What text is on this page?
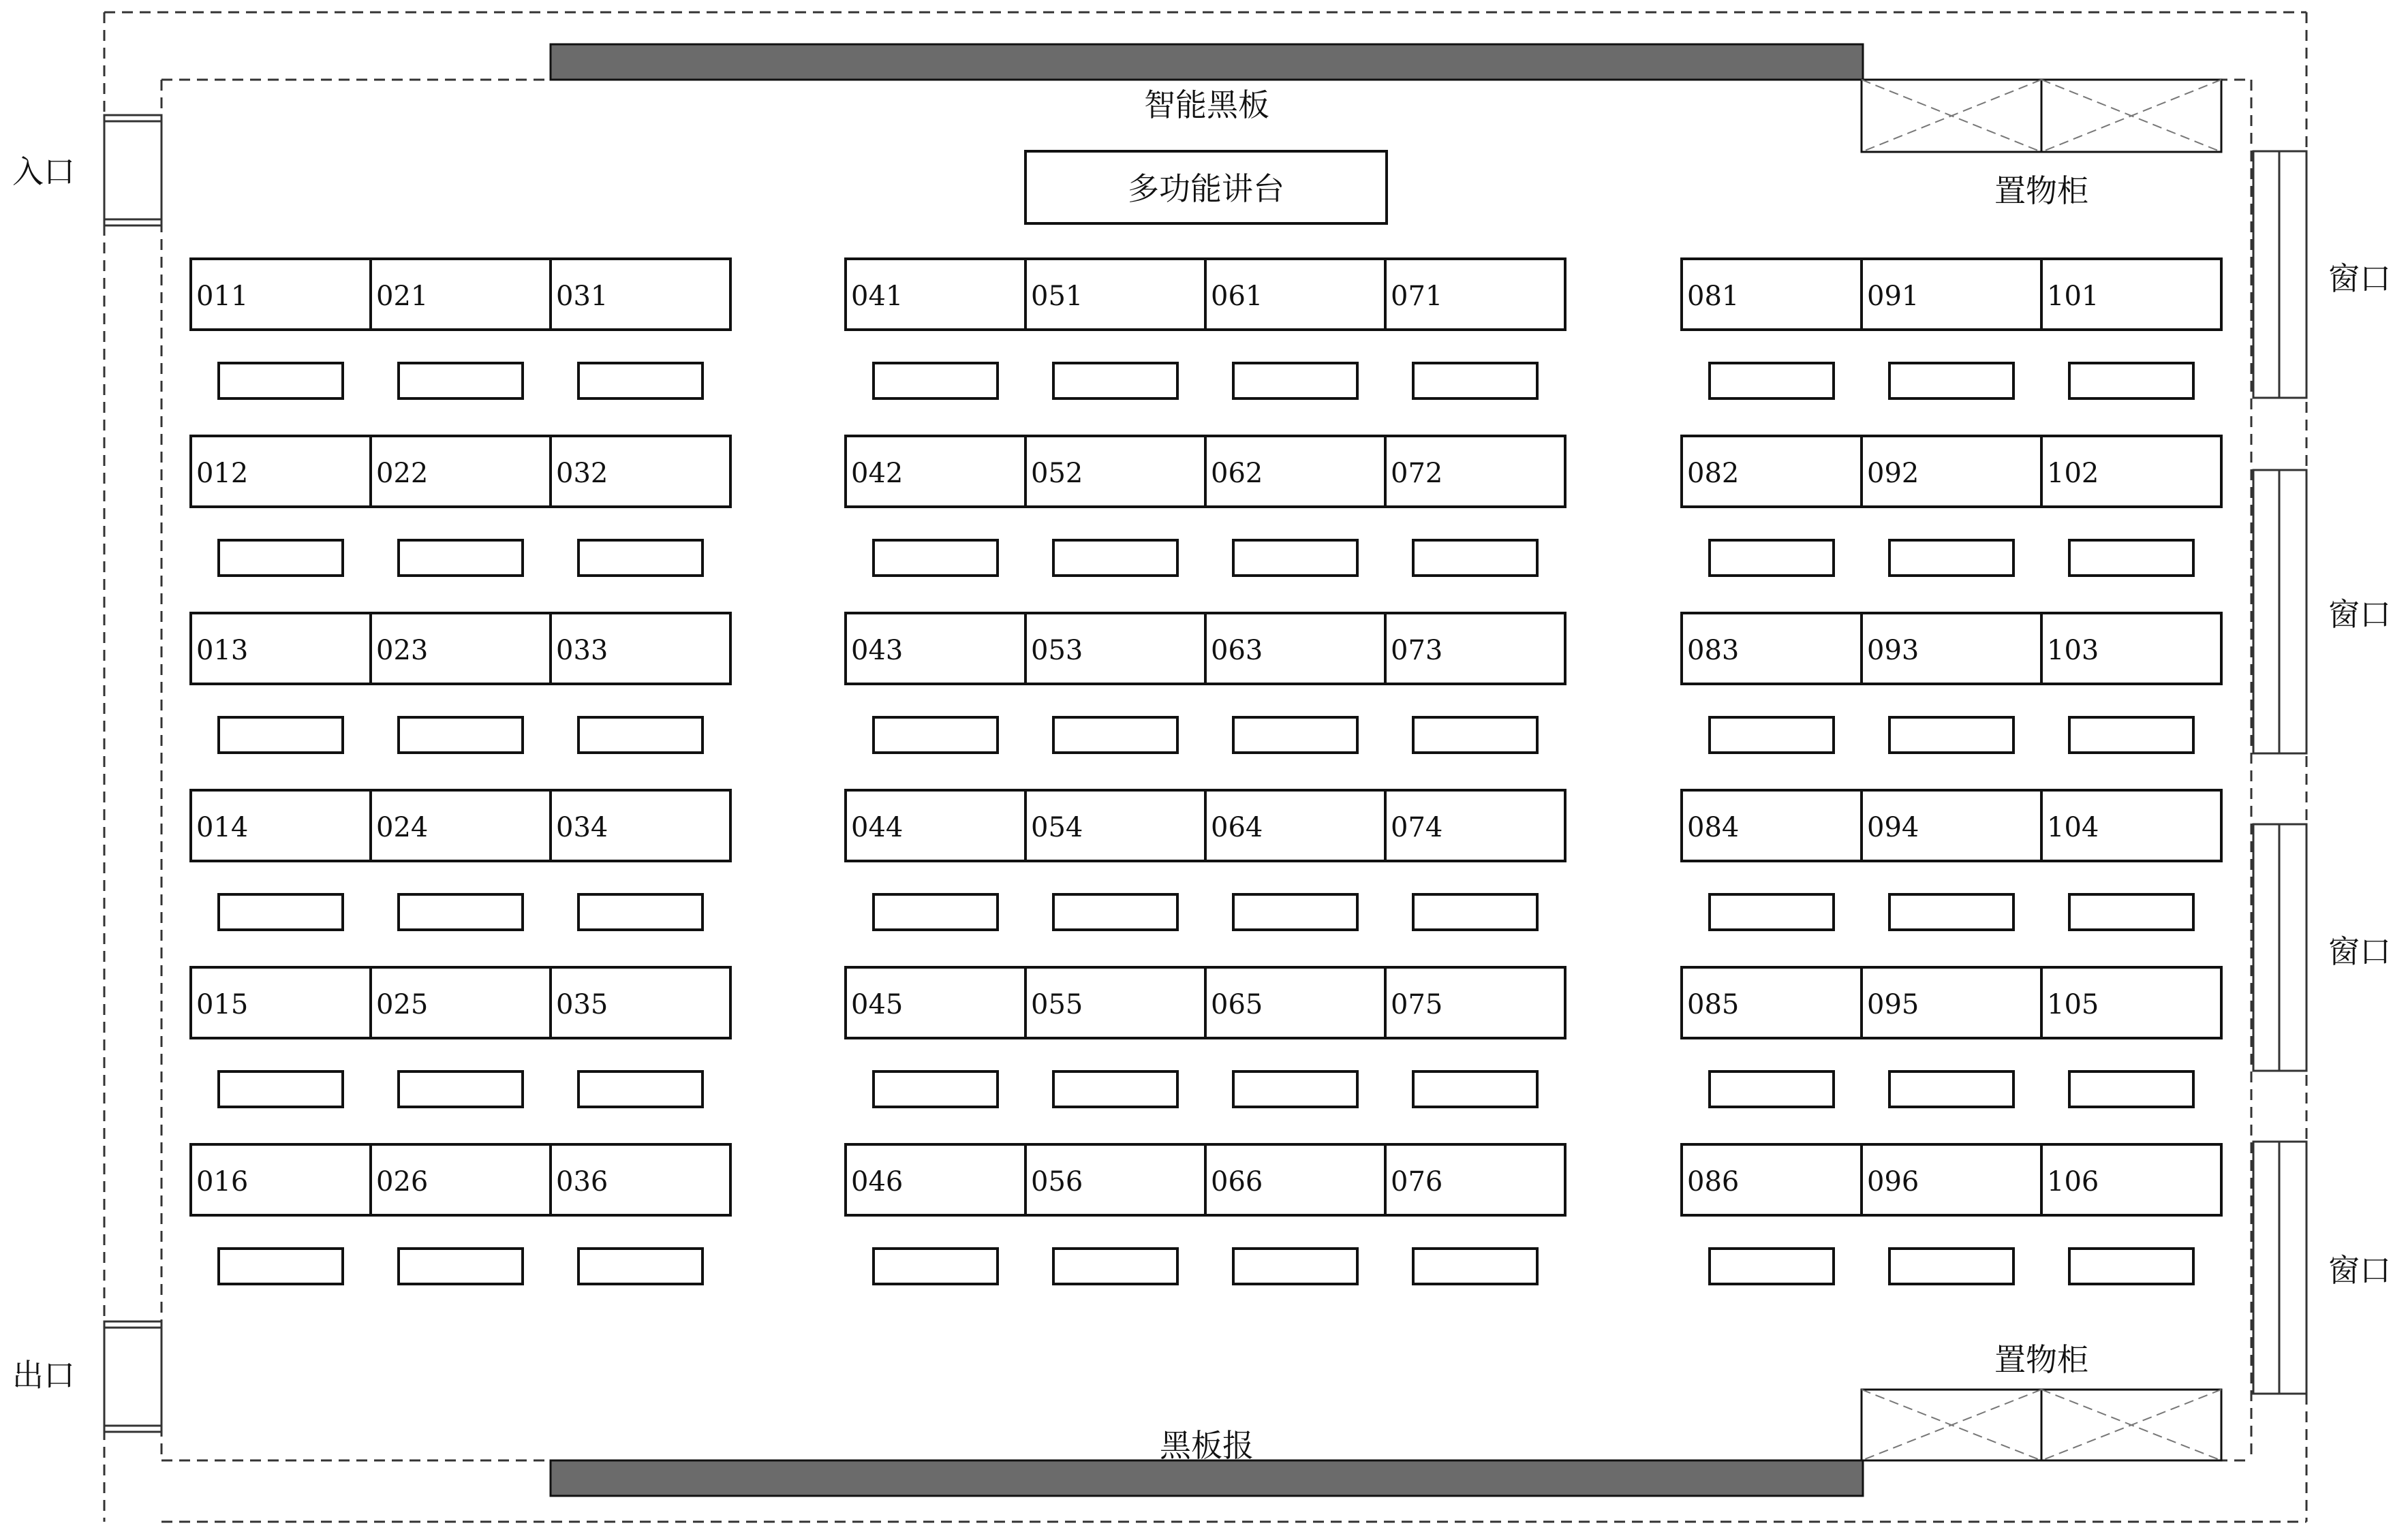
011	021	031
012	022	032
013	023	033
014	024	034
015	025	035
016	026	036
041	051	061	071
042	052	062	072
043	053	063	073
044	054	064	074
045	055	065	075
046	056	066	076
081	091	101
082	092	102
083	093	103
084	094	104
085	095	105
086	096	106
入口
出口
智能黑板
多功能讲台	置物柜
置物柜
黑板报
窗口
窗口
窗口
窗口
